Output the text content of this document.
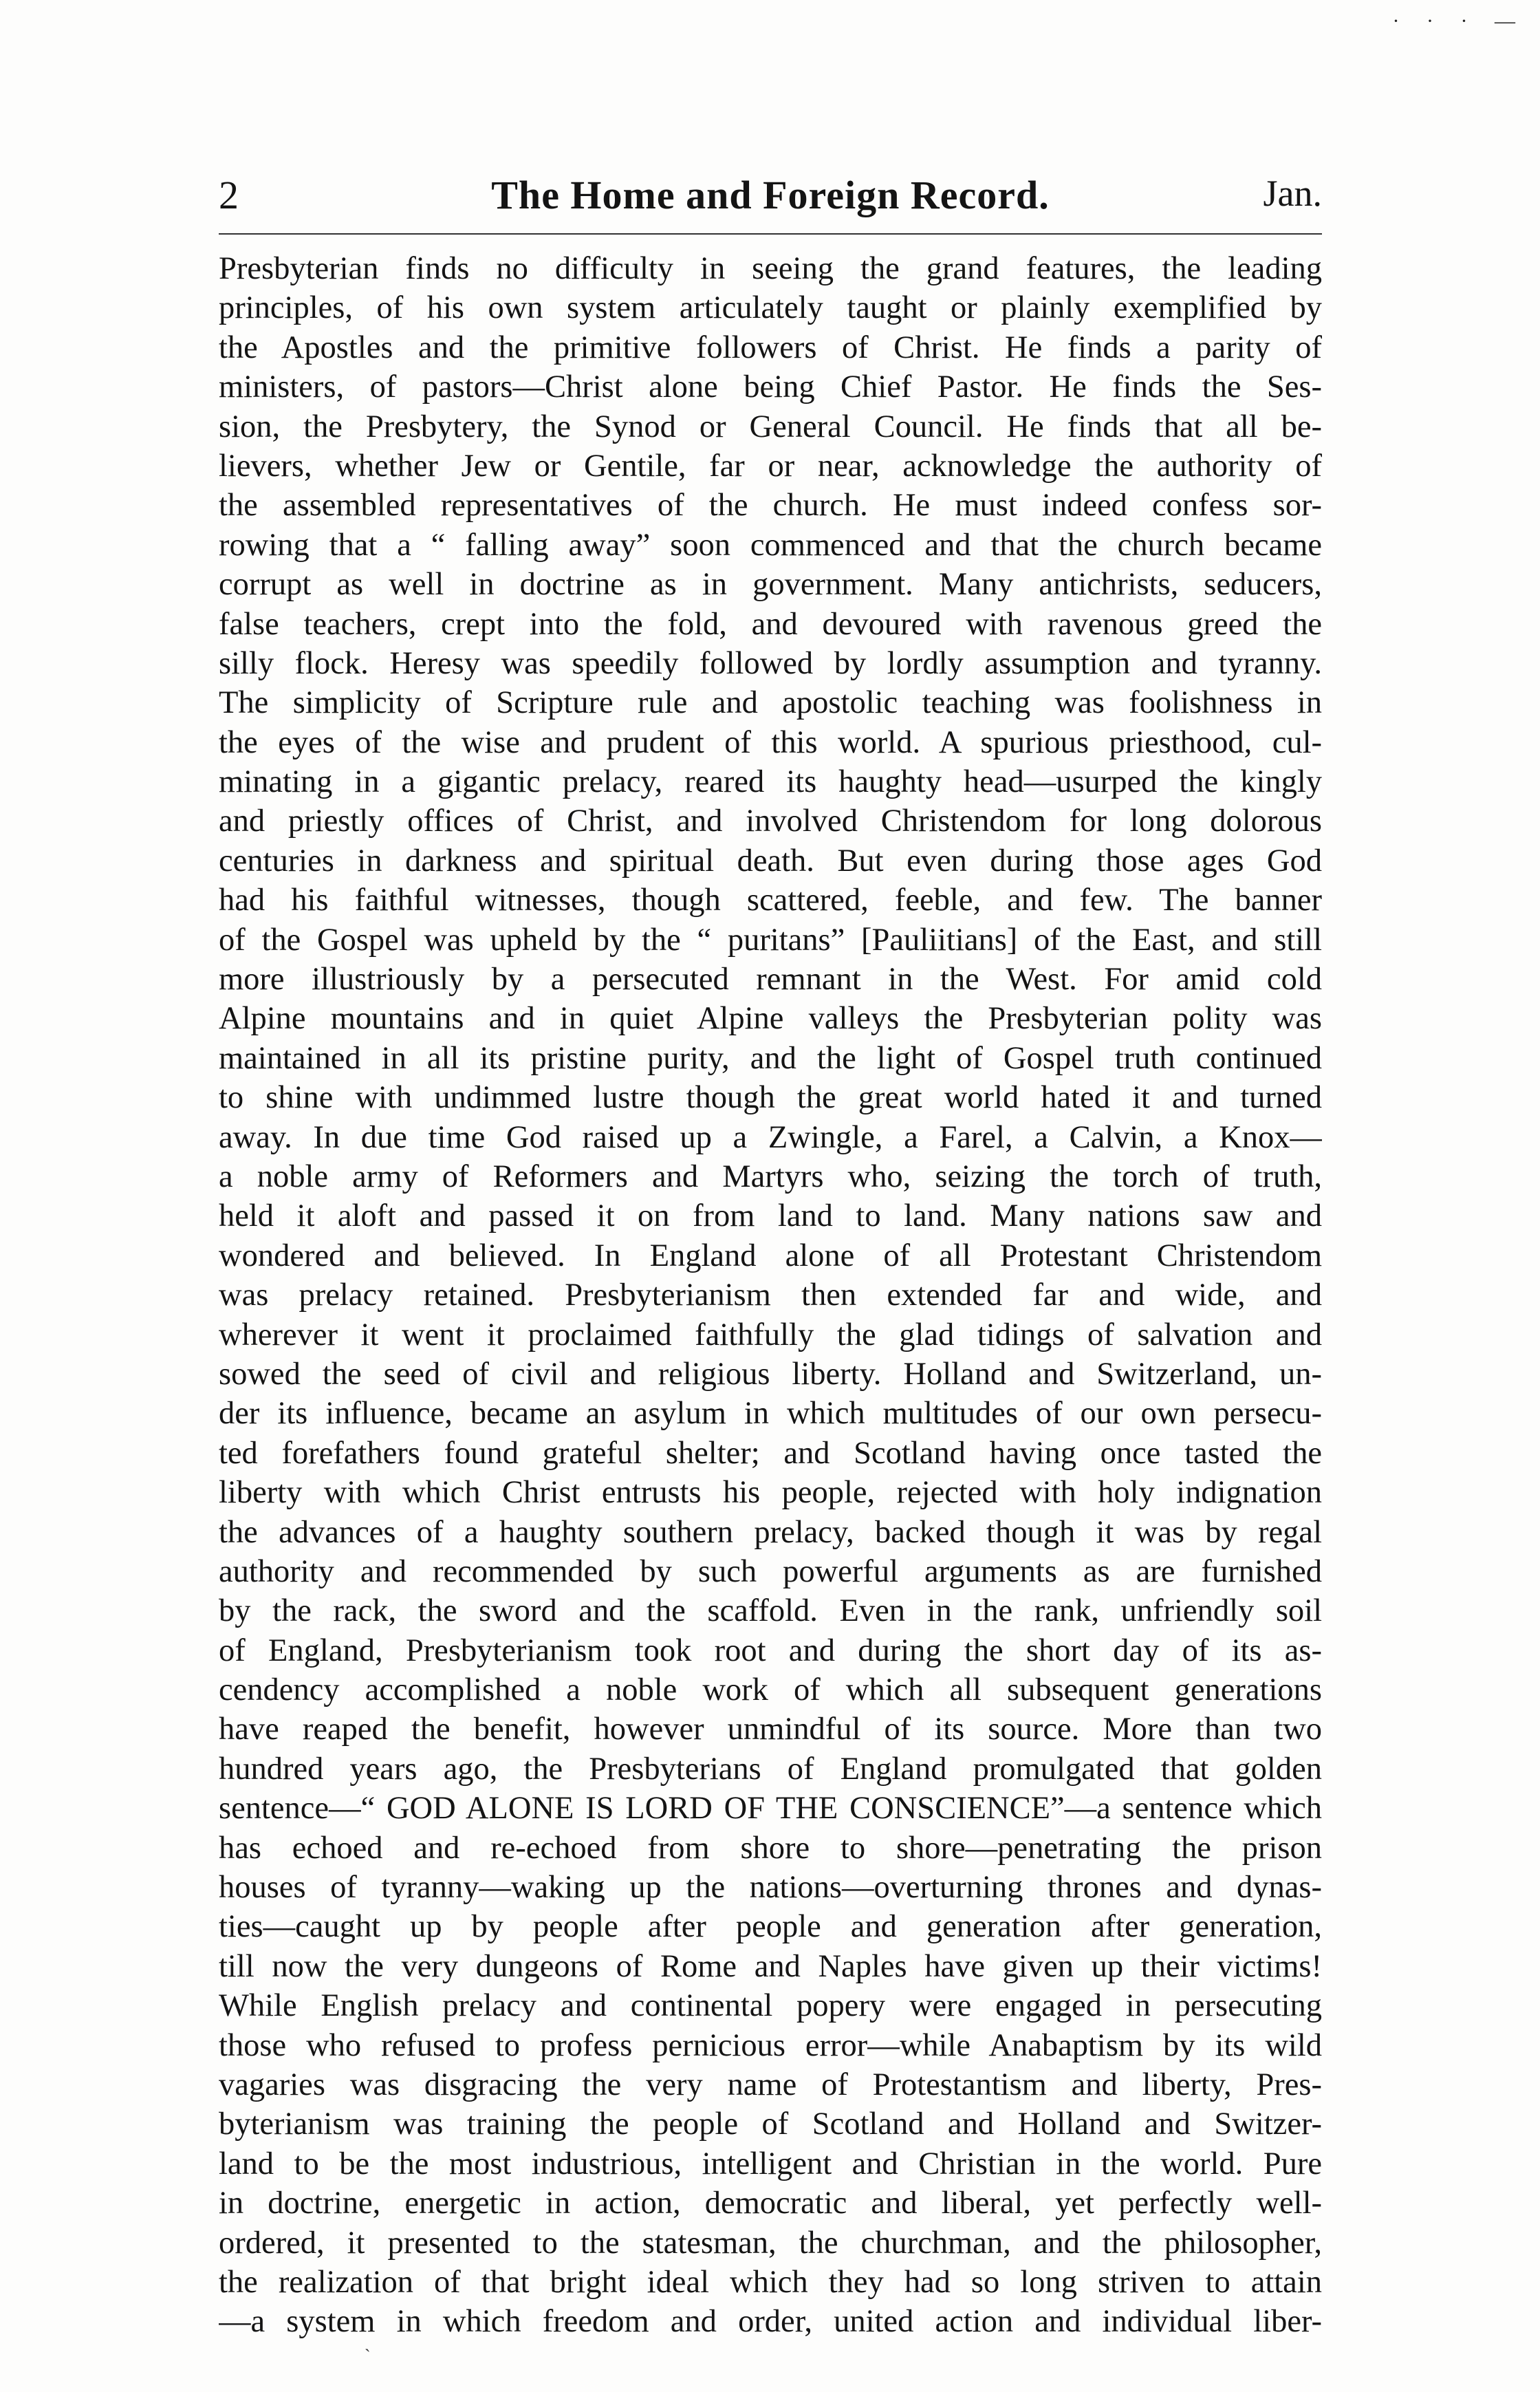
· · · —
2	The Home and Foreign Record.	Jan.
Presbyterian finds no difficulty in seeing the grand features, the leading
principles, of his own system articulately taught or plainly exemplified by
the Apostles and the primitive followers of Christ. He finds a parity of
ministers, of pastors—Christ alone being Chief Pastor. He finds the Ses-
sion, the Presbytery, the Synod or General Council. He finds that all be-
lievers, whether Jew or Gentile, far or near, acknowledge the authority of
the assembled representatives of the church. He must indeed confess sor-
rowing that a “ falling away” soon commenced and that the church became
corrupt as well in doctrine as in government. Many antichrists, seducers,
false teachers, crept into the fold, and devoured with ravenous greed the
silly flock. Heresy was speedily followed by lordly assumption and tyranny.
The simplicity of Scripture rule and apostolic teaching was foolishness in
the eyes of the wise and prudent of this world. A spurious priesthood, cul-
minating in a gigantic prelacy, reared its haughty head—usurped the kingly
and priestly offices of Christ, and involved Christendom for long dolorous
centuries in darkness and spiritual death. But even during those ages God
had his faithful witnesses, though scattered, feeble, and few. The banner
of the Gospel was upheld by the “ puritans” [Pauliitians] of the East, and still
more illustriously by a persecuted remnant in the West. For amid cold
Alpine mountains and in quiet Alpine valleys the Presbyterian polity was
maintained in all its pristine purity, and the light of Gospel truth continued
to shine with undimmed lustre though the great world hated it and turned
away. In due time God raised up a Zwingle, a Farel, a Calvin, a Knox—
a noble army of Reformers and Martyrs who, seizing the torch of truth,
held it aloft and passed it on from land to land. Many nations saw and
wondered and believed. In England alone of all Protestant Christendom
was prelacy retained. Presbyterianism then extended far and wide, and
wherever it went it proclaimed faithfully the glad tidings of salvation and
sowed the seed of civil and religious liberty. Holland and Switzerland, un-
der its influence, became an asylum in which multitudes of our own persecu-
ted forefathers found grateful shelter; and Scotland having once tasted the
liberty with which Christ entrusts his people, rejected with holy indignation
the advances of a haughty southern prelacy, backed though it was by regal
authority and recommended by such powerful arguments as are furnished
by the rack, the sword and the scaffold. Even in the rank, unfriendly soil
of England, Presbyterianism took root and during the short day of its as-
cendency accomplished a noble work of which all subsequent generations
have reaped the benefit, however unmindful of its source. More than two
hundred years ago, the Presbyterians of England promulgated that golden
sentence—“ GOD ALONE IS LORD OF THE CONSCIENCE”—a sentence which
has echoed and re-echoed from shore to shore—penetrating the prison
houses of tyranny—waking up the nations—overturning thrones and dynas-
ties—caught up by people after people and generation after generation,
till now the very dungeons of Rome and Naples have given up their victims!
While English prelacy and continental popery were engaged in persecuting
those who refused to profess pernicious error—while Anabaptism by its wild
vagaries was disgracing the very name of Protestantism and liberty, Pres-
byterianism was training the people of Scotland and Holland and Switzer-
land to be the most industrious, intelligent and Christian in the world. Pure
in doctrine, energetic in action, democratic and liberal, yet perfectly well-
ordered, it presented to the statesman, the churchman, and the philosopher,
the realization of that bright ideal which they had so long striven to attain
—a system in which freedom and order, united action and individual liber-
`
